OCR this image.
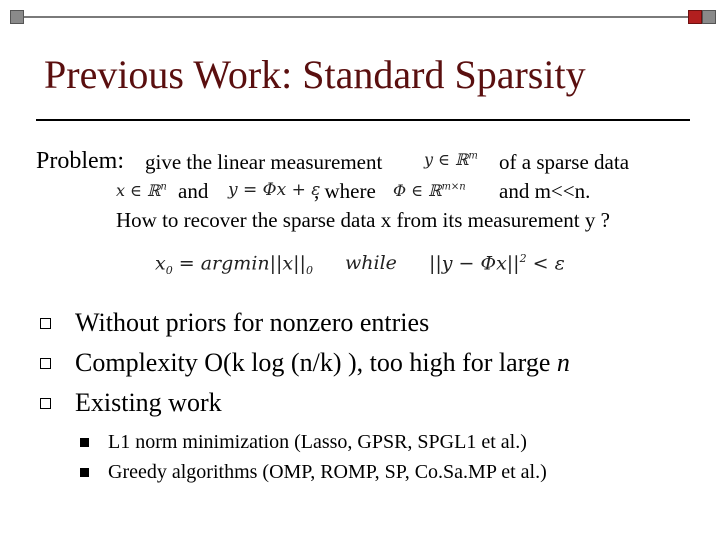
Previous Work: Standard Sparsity
Problem: give the linear measurement	y ∈ ℝ$^m$ of a sparse data
x ∈ ℝ$^n$ and y = Φx + ε
, where Φ ∈ ℝ$^{m\times n}$ and m<<n.
How to recover the sparse data x from its measurement y ?
$x_0 = argmin||x||_0$ while $||y - \Phi x||^2 < \varepsilon$
Without priors for nonzero entries
Complexity O(k log (n/k) ), too high for large n
Existing work
L1 norm minimization (Lasso, GPSR, SPGL1 et al.)
Greedy algorithms (OMP, ROMP, SP, Co.Sa.MP et al.)
